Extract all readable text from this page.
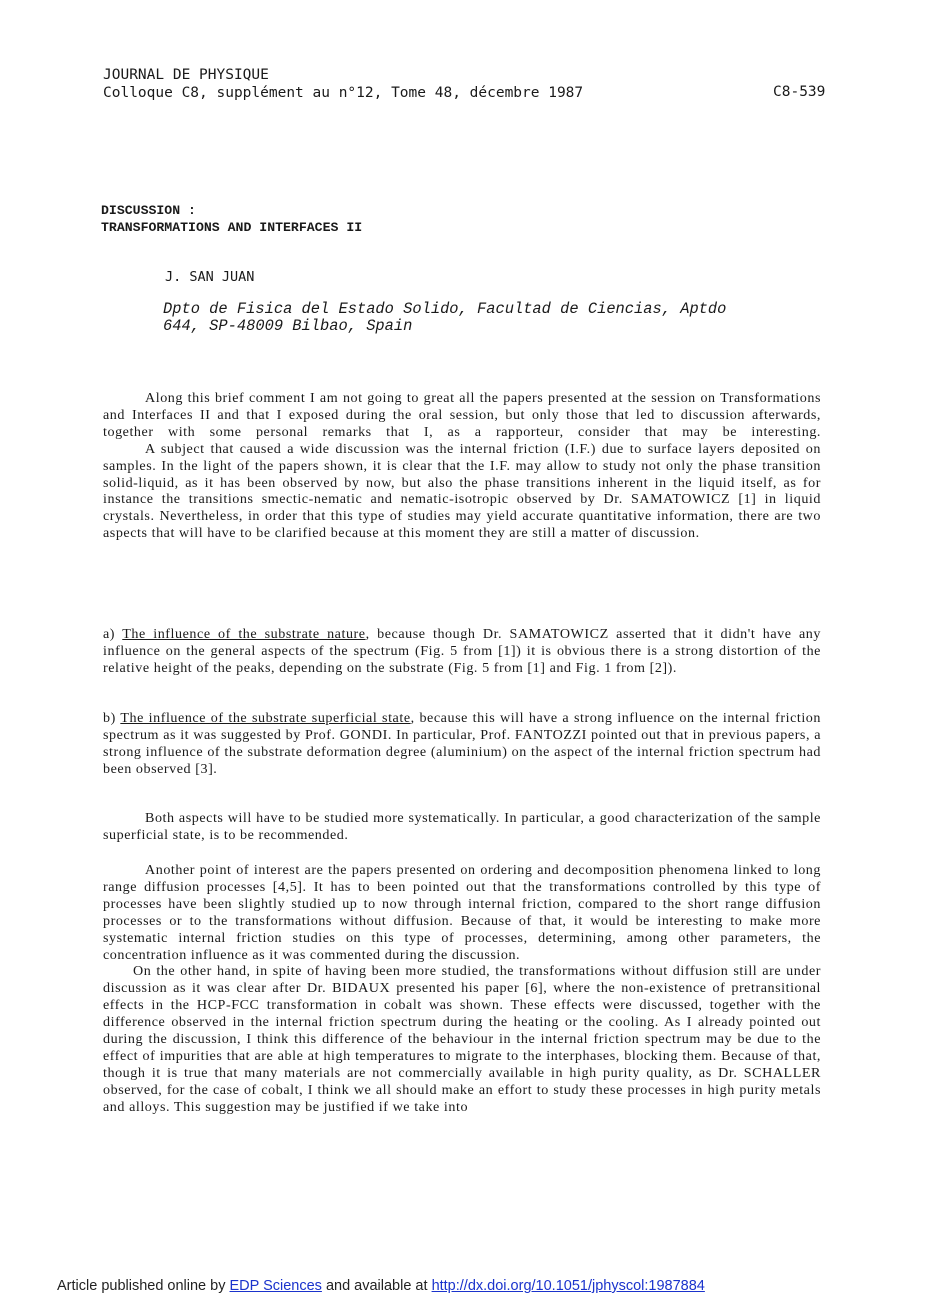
JOURNAL DE PHYSIQUE
Colloque C8, supplément au n°12, Tome 48, décembre 1987	C8-539
DISCUSSION :
TRANSFORMATIONS AND INTERFACES II
J. SAN JUAN
Dpto de Fisica del Estado Solido, Facultad de Ciencias, Aptdo
644, SP-48009 Bilbao, Spain

Along this brief comment I am not going to great all the papers presented at the session on Transformations and Interfaces II and that I exposed during the oral session, but only those that led to discussion afterwards, together with some personal remarks that I, as a rapporteur, consider that may be interesting.

A subject that caused a wide discussion was the internal friction (I.F.) due to surface layers deposited on samples. In the light of the papers shown, it is clear that the I.F. may allow to study not only the phase transition solid-liquid, as it has been observed by now, but also the phase transitions inherent in the liquid itself, as for instance the transitions smectic-nematic and nematic-isotropic observed by Dr. SAMATOWICZ [1] in liquid crystals. Nevertheless, in order that this type of studies may yield accurate quantitative information, there are two aspects that will have to be clarified because at this moment they are still a matter of discussion.

a) The influence of the substrate nature, because though Dr. SAMATOWICZ asserted that it didn't have any influence on the general aspects of the spectrum (Fig. 5 from [1]) it is obvious there is a strong distortion of the relative height of the peaks, depending on the substrate (Fig. 5 from [1] and Fig. 1 from [2]).

b) The influence of the substrate superficial state, because this will have a strong influence on the internal friction spectrum as it was suggested by Prof. GONDI. In particular, Prof. FANTOZZI pointed out that in previous papers, a strong influence of the substrate deformation degree (aluminium) on the aspect of the internal friction spectrum had been observed [3].

Both aspects will have to be studied more systematically. In particular, a good characterization of the sample superficial state, is to be recommended.

Another point of interest are the papers presented on ordering and decomposition phenomena linked to long range diffusion processes [4,5]. It has to been pointed out that the transformations controlled by this type of processes have been slightly studied up to now through internal friction, compared to the short range diffusion processes or to the transformations without diffusion. Because of that, it would be interesting to make more systematic internal friction studies on this type of processes, determining, among other parameters, the concentration influence as it was commented during the discussion.

On the other hand, in spite of having been more studied, the transformations without diffusion still are under discussion as it was clear after Dr. BIDAUX presented his paper [6], where the non-existence of pretransitional effects in the HCP-FCC transformation in cobalt was shown. These effects were discussed, together with the difference observed in the internal friction spectrum during the heating or the cooling. As I already pointed out during the discussion, I think this difference of the behaviour in the internal friction spectrum may be due to the effect of impurities that are able at high temperatures to migrate to the interphases, blocking them. Because of that, though it is true that many materials are not commercially available in high purity quality, as Dr. SCHALLER observed, for the case of cobalt, I think we all should make an effort to study these processes in high purity metals and alloys. This suggestion may be justified if we take into

Article published online by EDP Sciences and available at http://dx.doi.org/10.1051/jphyscol:1987884
